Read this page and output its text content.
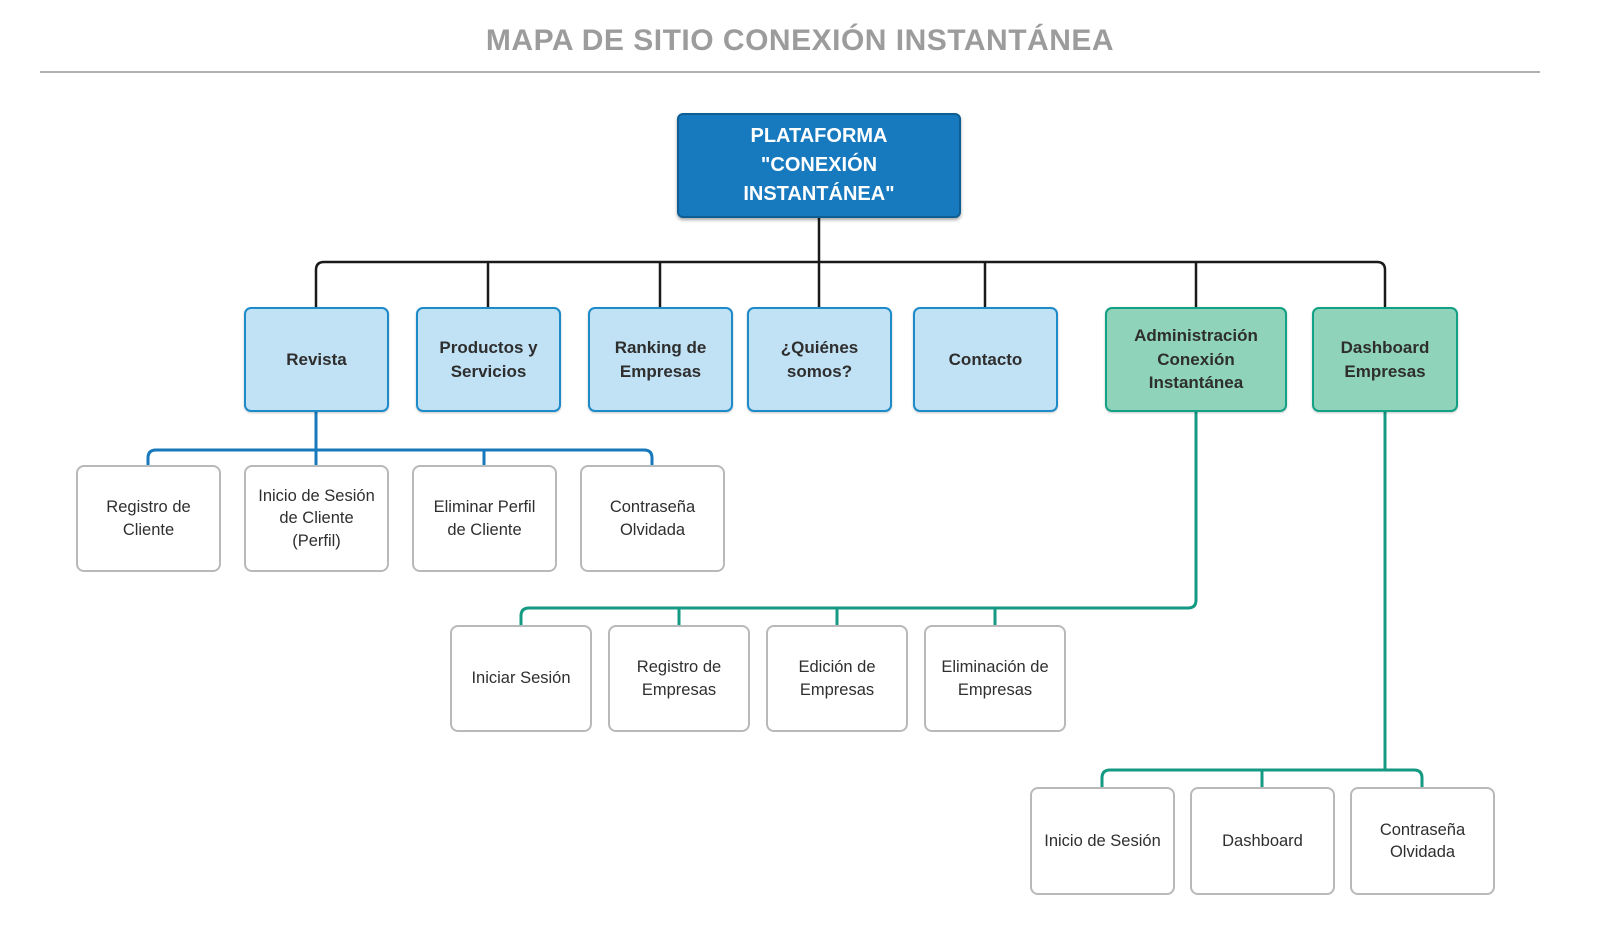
MAPA DE SITIO CONEXIÓN INSTANTÁNEA
PLATAFORMA "CONEXIÓN INSTANTÁNEA"
Revista
Productos y Servicios
Ranking de Empresas
¿Quiénes somos?
Contacto
Administración Conexión Instantánea
Dashboard Empresas
Registro de Cliente
Inicio de Sesión de Cliente (Perfil)
Eliminar Perfil de Cliente
Contraseña Olvidada
Iniciar Sesión
Registro de Empresas
Edición de Empresas
Eliminación de Empresas
Inicio de Sesión	Dashboard
Contraseña Olvidada
